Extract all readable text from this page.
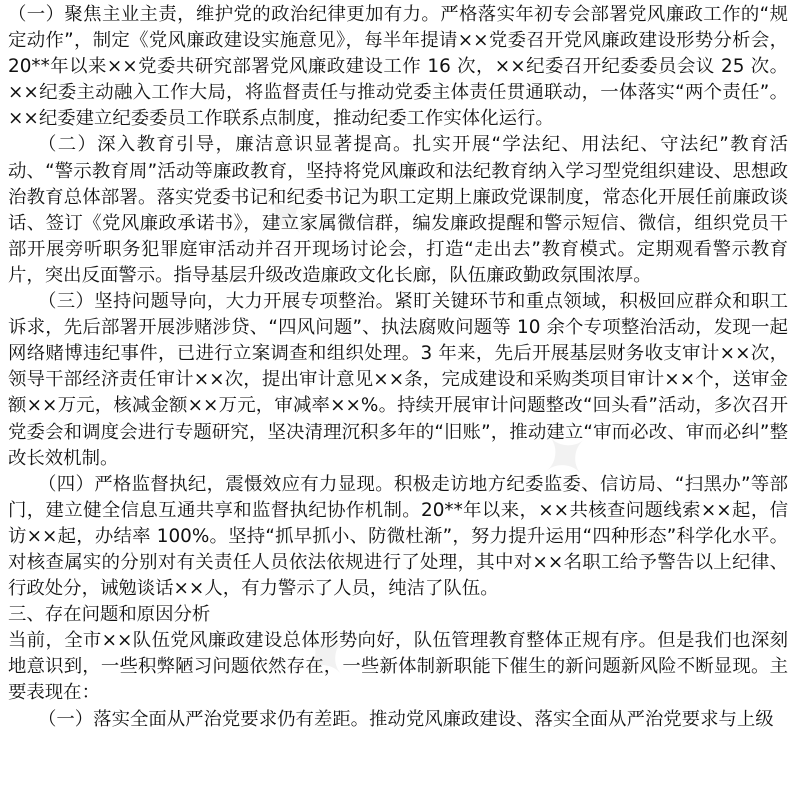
（一）聚焦主业主责，维护党的政治纪律更加有力。严格落实年初专会部署党风廉政工作的“规定动作”，制定《党风廉政建设实施意见》，每半年提请××党委召开党风廉政建设形势分析会，20**年以来××党委共研究部署党风廉政建设工作 16 次，××纪委召开纪委委员会议 25 次。××纪委主动融入工作大局，将监督责任与推动党委主体责任贯通联动，一体落实“两个责任”。××纪委建立纪委委员工作联系点制度，推动纪委工作实体化运行。

（二）深入教育引导，廉洁意识显著提高。扎实开展“学法纪、用法纪、守法纪”教育活动、“警示教育周”活动等廉政教育，坚持将党风廉政和法纪教育纳入学习型党组织建设、思想政治教育总体部署。落实党委书记和纪委书记为职工定期上廉政党课制度，常态化开展任前廉政谈话、签订《党风廉政承诺书》，建立家属微信群，编发廉政提醒和警示短信、微信，组织党员干部开展旁听职务犯罪庭审活动并召开现场讨论会，打造“走出去”教育模式。定期观看警示教育片，突出反面警示。指导基层升级改造廉政文化长廊，队伍廉政勤政氛围浓厚。

（三）坚持问题导向，大力开展专项整治。紧盯关键环节和重点领域，积极回应群众和职工诉求，先后部署开展涉赌涉贷、“四风问题”、执法腐败问题等 10 余个专项整治活动，发现一起网络赌博违纪事件，已进行立案调查和组织处理。3 年来，先后开展基层财务收支审计××次，领导干部经济责任审计××次，提出审计意见××条，完成建设和采购类项目审计××个，送审金额××万元，核减金额××万元，审减率××%。持续开展审计问题整改“回头看”活动，多次召开党委会和调度会进行专题研究，坚决清理沉积多年的“旧账”，推动建立“审而必改、审而必纠”整改长效机制。

（四）严格监督执纪，震慑效应有力显现。积极走访地方纪委监委、信访局、“扫黑办”等部门，建立健全信息互通共享和监督执纪协作机制。20**年以来，××共核查问题线索××起，信访××起，办结率 100%。坚持“抓早抓小、防微杜渐”，努力提升运用“四种形态”科学化水平。对核查属实的分别对有关责任人员依法依规进行了处理，其中对××名职工给予警告以上纪律、行政处分，诫勉谈话××人，有力警示了人员，纯洁了队伍。

三、存在问题和原因分析

当前，全市××队伍党风廉政建设总体形势向好，队伍管理教育整体正规有序。但是我们也深刻地意识到，一些积弊陋习问题依然存在，一些新体制新职能下催生的新问题新风险不断显现。主要表现在：

（一）落实全面从严治党要求仍有差距。推动党风廉政建设、落实全面从严治党要求与上级
